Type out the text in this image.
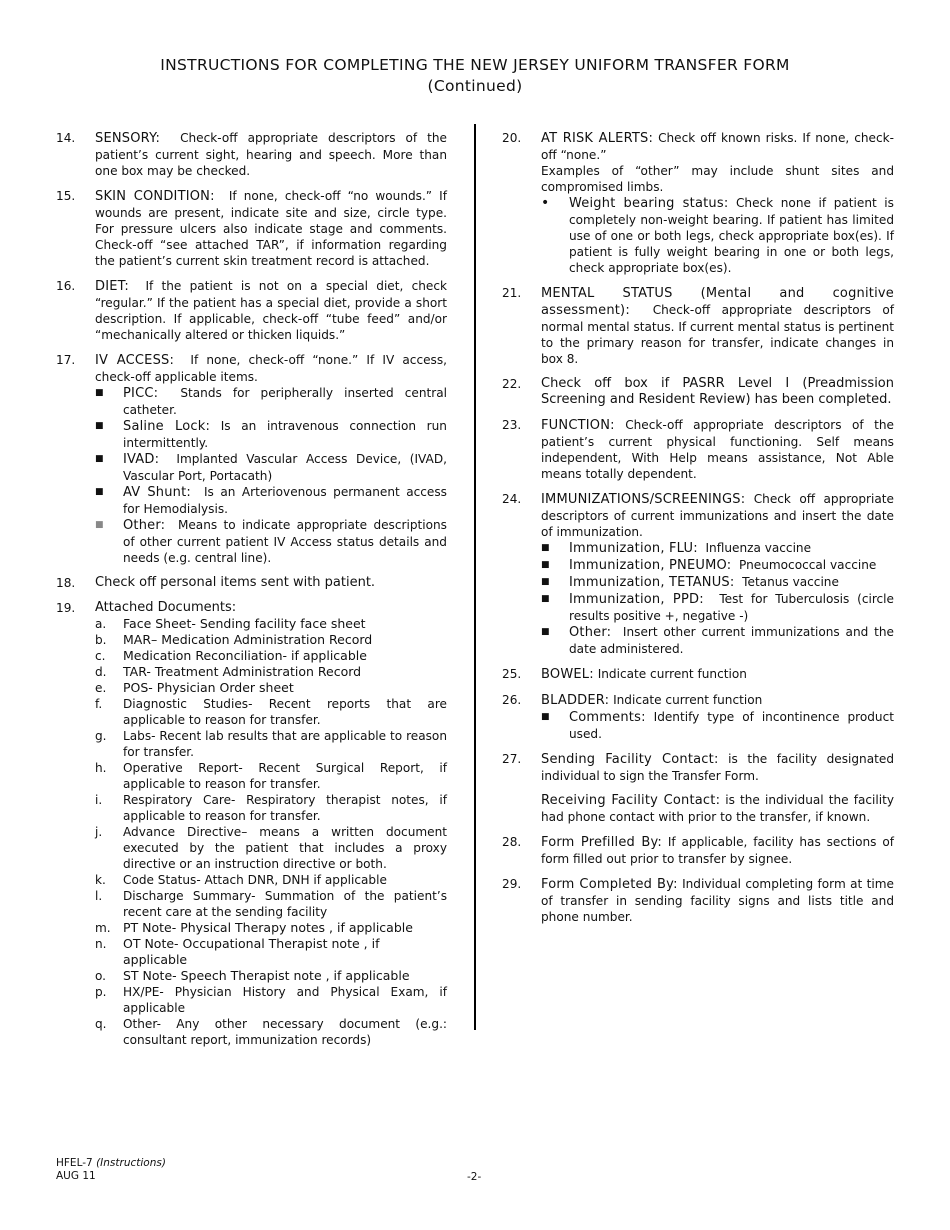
INSTRUCTIONS FOR COMPLETING THE NEW JERSEY UNIFORM TRANSFER FORM
(Continued)
14.	SENSORY: Check-off appropriate descriptors of the patient’s current sight, hearing and speech. More than one box may be checked.
15.	SKIN CONDITION: If none, check-off “no wounds.” If wounds are present, indicate site and size, circle type. For pressure ulcers also indicate stage and comments. Check-off “see attached TAR”, if information regarding the patient’s current skin treatment record is attached.
16.	DIET: If the patient is not on a special diet, check “regular.” If the patient has a special diet, provide a short description. If applicable, check-off “tube feed” and/or “mechanically altered or thicken liquids.”
17.	IV ACCESS: If none, check-off “none.” If IV access, check-off applicable items.
■	PICC: Stands for peripherally inserted central catheter.
■	Saline Lock: Is an intravenous connection run intermittently.
■	IVAD: Implanted Vascular Access Device, (IVAD, Vascular Port, Portacath)
■	AV Shunt: Is an Arteriovenous permanent access for Hemodialysis.
■	Other: Means to indicate appropriate descriptions of other current patient IV Access status details and needs (e.g. central line).
18.	Check off personal items sent with patient.
19.	Attached Documents:
a.	Face Sheet- Sending facility face sheet
b.	MAR– Medication Administration Record
c.	Medication Reconciliation- if applicable
d.	TAR- Treatment Administration Record
e.	POS- Physician Order sheet
f.	Diagnostic Studies- Recent reports that are applicable to reason for transfer.
g.	Labs- Recent lab results that are applicable to reason for transfer.
h.	Operative Report- Recent Surgical Report, if applicable to reason for transfer.
i.	Respiratory Care- Respiratory therapist notes, if applicable to reason for transfer.
j.	Advance Directive– means a written document executed by the patient that includes a proxy directive or an instruction directive or both.
k.	Code Status- Attach DNR, DNH if applicable
l.	Discharge Summary- Summation of the patient’s recent care at the sending facility
m. PT Note- Physical Therapy notes , if applicable
n.	OT Note- Occupational Therapist note , if applicable
o.	ST Note- Speech Therapist note , if applicable
p.	HX/PE- Physician History and Physical Exam, if applicable
q.	Other- Any other necessary document (e.g.: consultant report, immunization records)
20.	AT RISK ALERTS: Check off known risks. If none, check-off “none.”
Examples of “other” may include shunt sites and compromised limbs.
•	Weight bearing status: Check none if patient is completely non-weight bearing. If patient has limited use of one or both legs, check appropriate box(es). If patient is fully weight bearing in one or both legs, check appropriate box(es).
21.	MENTAL STATUS (Mental and cognitive assessment): Check-off appropriate descriptors of normal mental status. If current mental status is pertinent to the primary reason for transfer, indicate changes in box 8.
22.	Check off box if PASRR Level I (Preadmission Screening and Resident Review) has been completed.
23.	FUNCTION: Check-off appropriate descriptors of the patient’s current physical functioning. Self means independent, With Help means assistance, Not Able means totally dependent.
24.	IMMUNIZATIONS/SCREENINGS: Check off appropriate descriptors of current immunizations and insert the date of immunization.
■	Immunization, FLU: Influenza vaccine
■	Immunization, PNEUMO: Pneumococcal vaccine
■	Immunization, TETANUS: Tetanus vaccine
■	Immunization, PPD: Test for Tuberculosis (circle results positive +, negative -)
■	Other: Insert other current immunizations and the date administered.
25.	BOWEL: Indicate current function
26.	BLADDER: Indicate current function
■	Comments: Identify type of incontinence product used.
27.	Sending Facility Contact: is the facility designated individual to sign the Transfer Form.
Receiving Facility Contact: is the individual the facility had phone contact with prior to the transfer, if known.
28.	Form Prefilled By: If applicable, facility has sections of form filled out prior to transfer by signee.
29.	Form Completed By: Individual completing form at time of transfer in sending facility signs and lists title and phone number.
HFEL-7 (Instructions)
AUG 11	-2-
